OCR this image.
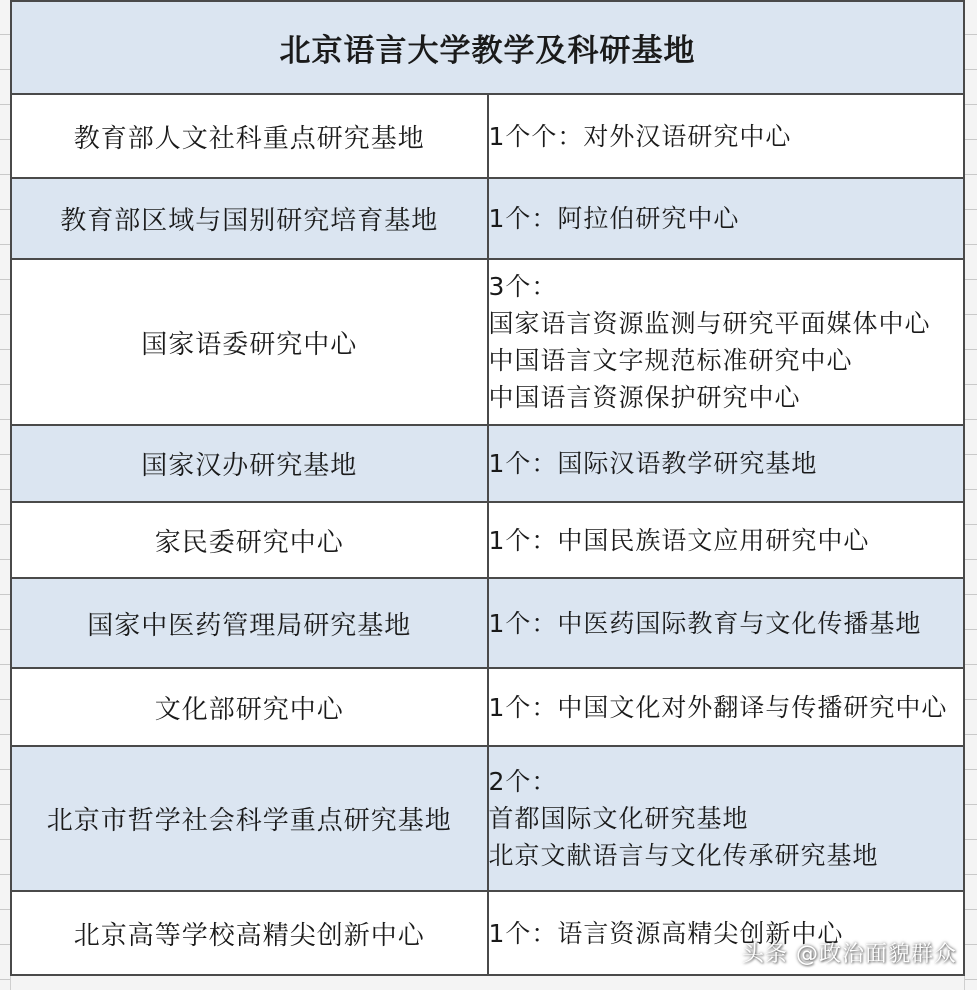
北京语言大学教学及科研基地	
教育部人文社科重点研究基地	1个个：对外汉语研究中心

教育部区域与国别研究培育基地	1个：阿拉伯研究中心

国家语委研究中心	3个：
国家语言资源监测与研究平面媒体中心
中国语言文字规范标准研究中心
中国语言资源保护研究中心

国家汉办研究基地	1个：国际汉语教学研究基地

家民委研究中心	1个：中国民族语文应用研究中心

国家中医药管理局研究基地	1个：中医药国际教育与文化传播基地

文化部研究中心	1个：中国文化对外翻译与传播研究中心

北京市哲学社会科学重点研究基地	2个：
首都国际文化研究基地
北京文献语言与文化传承研究基地

北京高等学校高精尖创新中心	1个：语言资源高精尖创新中心
头条 @政治面貌群众
